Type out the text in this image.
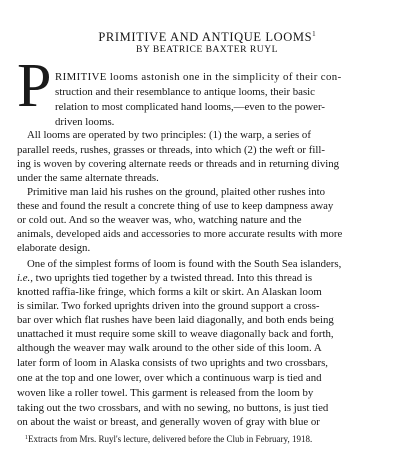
PRIMITIVE AND ANTIQUE LOOMS$^1$
BY BEATRICE BAXTER RUYL
P RIMITIVE looms astonish one in the simplicity of their con-
struction and their resemblance to antique looms, their basic
relation to most complicated hand looms,—even to the power-
driven looms.
All looms are operated by two principles: (1) the warp, a series of
parallel reeds, rushes, grasses or threads, into which (2) the weft or fill-
ing is woven by covering alternate reeds or threads and in returning diving
under the same alternate threads.
Primitive man laid his rushes on the ground, plaited other rushes into
these and found the result a concrete thing of use to keep dampness away
or cold out. And so the weaver was, who, watching nature and the
animals, developed aids and accessories to more accurate results with more
elaborate design.
One of the simplest forms of loom is found with the South Sea islanders,
i.e., two uprights tied together by a twisted thread. Into this thread is
knotted raffia-like fringe, which forms a kilt or skirt. An Alaskan loom
is similar. Two forked uprights driven into the ground support a cross-
bar over which flat rushes have been laid diagonally, and both ends being
unattached it must require some skill to weave diagonally back and forth,
although the weaver may walk around to the other side of this loom. A
later form of loom in Alaska consists of two uprights and two crossbars,
one at the top and one lower, over which a continuous warp is tied and
woven like a roller towel. This garment is released from the loom by
taking out the two crossbars, and with no sewing, no buttons, is just tied
on about the waist or breast, and generally woven of gray with blue or
$^1$Extracts from Mrs. Ruyl's lecture, delivered before the Club in February, 1918.
